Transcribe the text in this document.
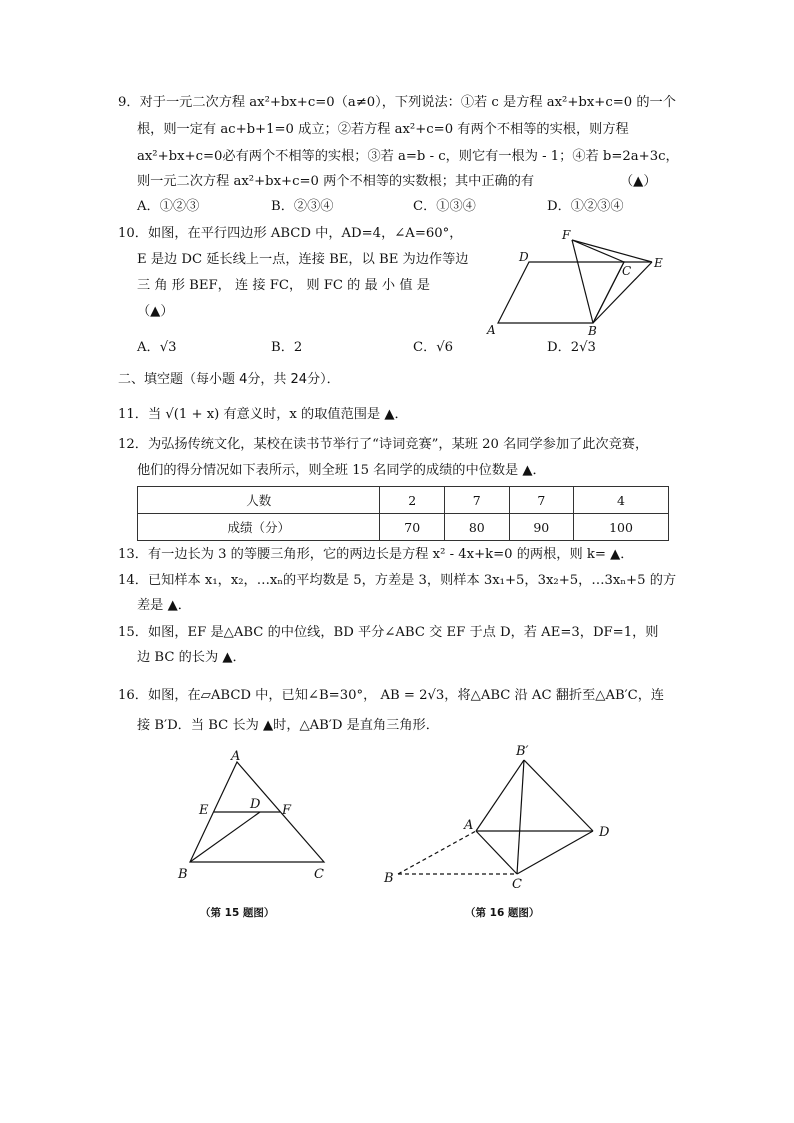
9．对于一元二次方程 ax²+bx+c=0（a≠0），下列说法：①若 c 是方程 ax²+bx+c=0 的一个
根，则一定有 ac+b+1=0 成立；②若方程 ax²+c=0 有两个不相等的实根，则方程
ax²+bx+c=0必有两个不相等的实根；③若 a=b - c，则它有一根为 - 1；④若 b=2a+3c，
则一元二次方程 ax²+bx+c=0 两个不相等的实数根；其中正确的有	（▲）
A．①②③	B．②③④	C．①③④	D．①②③④
10．如图，在平行四边形 ABCD 中，AD=4，∠A=60°，
E 是边 DC 延长线上一点，连接 BE，以 BE 为边作等边
三 角 形 BEF， 连 接 FC， 则 FC 的 最 小 值 是
（▲）
A．√3	B．2	C．√6	D．2√3
F
D
C
E
A	B
二、填空题（每小题 4分，共 24分）．
11．当 √(1 + x) 有意义时，x 的取值范围是 ▲．
12．为弘扬传统文化，某校在读书节举行了“诗词竞赛”，某班 20 名同学参加了此次竞赛，
他们的得分情况如下表所示，则全班 15 名同学的成绩的中位数是 ▲．
人数	2	7	7	4
成绩（分）	70	80	90	100
13．有一边长为 3 的等腰三角形，它的两边长是方程 x² - 4x+k=0 的两根，则 k= ▲．
14．已知样本 x₁，x₂，…xₙ的平均数是 5，方差是 3，则样本 3x₁+5，3x₂+5，…3xₙ+5 的方
差是 ▲．
15．如图，EF 是△ABC 的中位线，BD 平分∠ABC 交 EF 于点 D，若 AE=3，DF=1，则
边 BC 的长为 ▲．
16．如图，在▱ABCD 中，已知∠B=30°， AB = 2√3，将△ABC 沿 AC 翻折至△AB′C，连
接 B′D．当 BC 长为 ▲时，△AB′D 是直角三角形．
A
E	D F
B	C
B′
A	D
B	C
（第 15 题图）	（第 16 题图）
